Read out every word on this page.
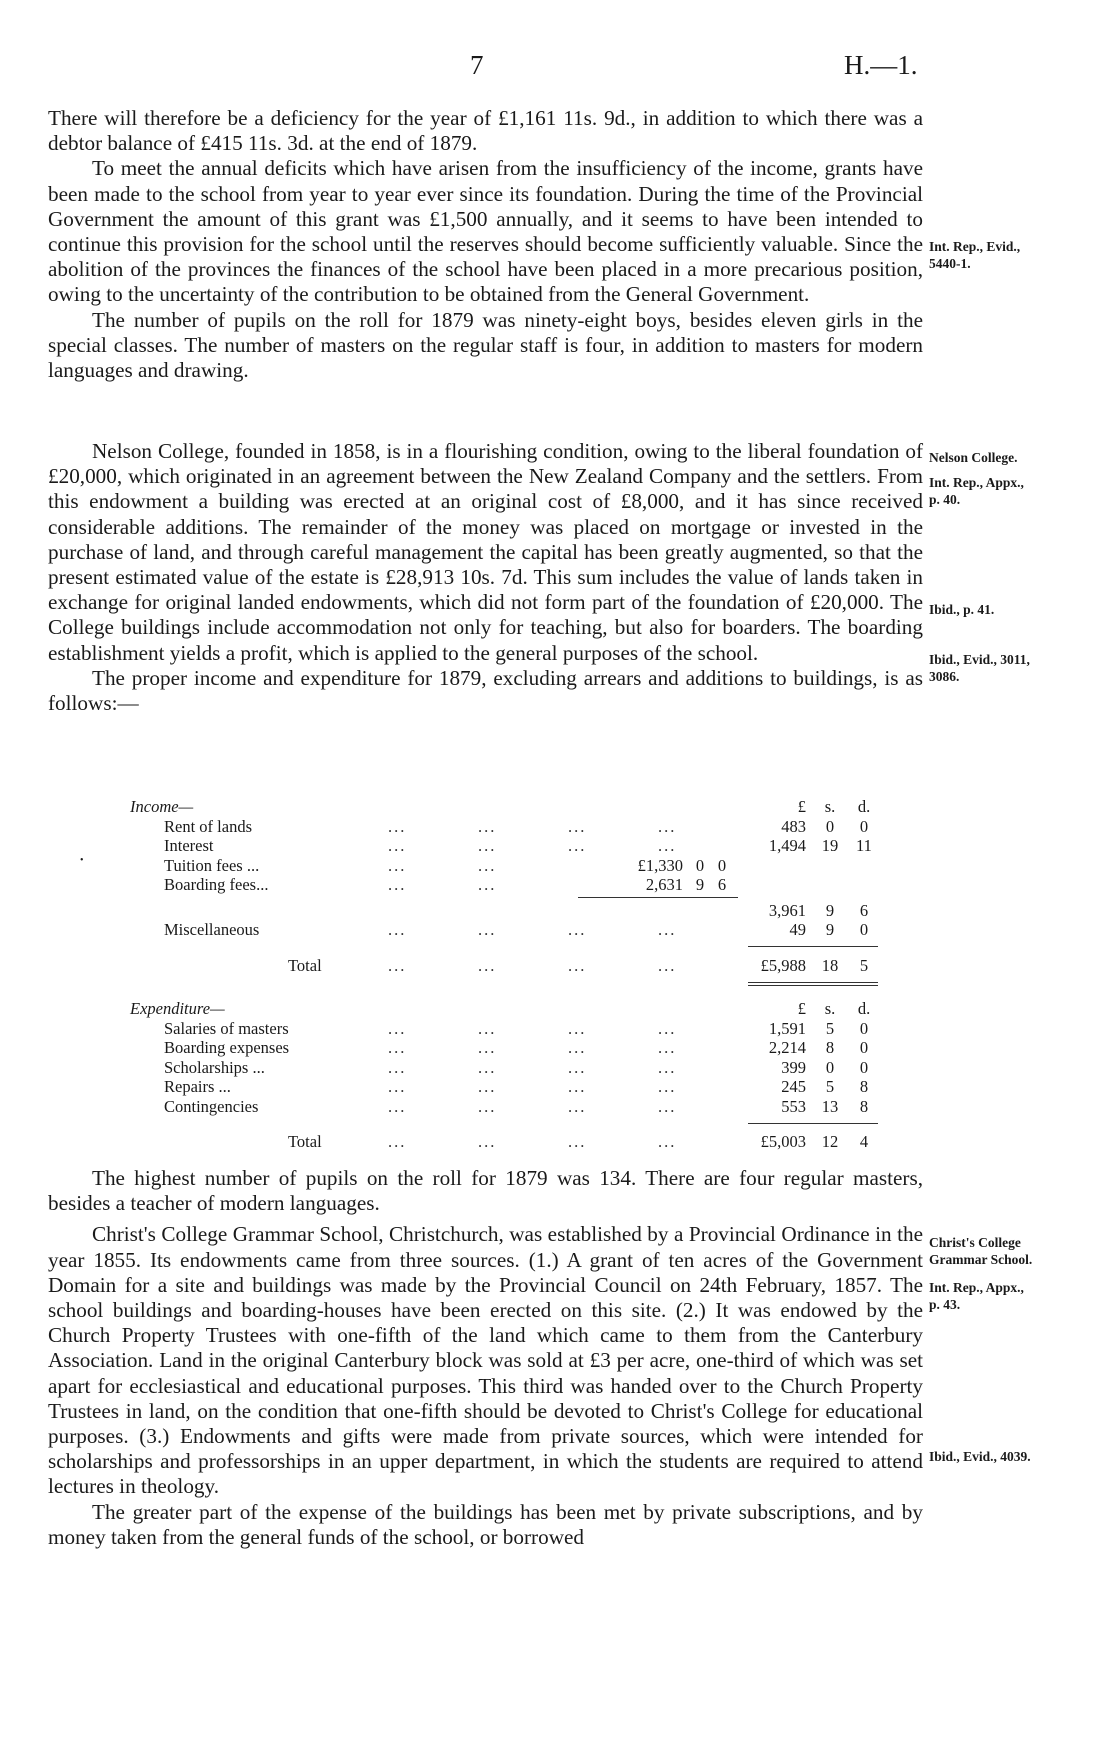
7	H.—1.

There will therefore be a deficiency for the year of £1,161 11s. 9d., in addition to which there was a debtor balance of £415 11s. 3d. at the end of 1879.

To meet the annual deficits which have arisen from the insufficiency of the income, grants have been made to the school from year to year ever since its foundation. During the time of the Provincial Government the amount of this grant was £1,500 annually, and it seems to have been intended to continue this provision for the school until the reserves should become sufficiently valuable. Since the abolition of the provinces the finances of the school have been placed in a more precarious position, owing to the uncertainty of the contribution to be obtained from the General Government.

The number of pupils on the roll for 1879 was ninety-eight boys, besides eleven girls in the special classes. The number of masters on the regular staff is four, in addition to masters for modern languages and drawing.

Nelson College, founded in 1858, is in a flourishing condition, owing to the liberal foundation of £20,000, which originated in an agreement between the New Zealand Company and the settlers. From this endowment a building was erected at an original cost of £8,000, and it has since received considerable additions. The remainder of the money was placed on mortgage or invested in the purchase of land, and through careful management the capital has been greatly augmented, so that the present estimated value of the estate is £28,913 10s. 7d. This sum includes the value of lands taken in exchange for original landed endowments, which did not form part of the foundation of £20,000. The College buildings include accommodation not only for teaching, but also for boarders. The boarding establishment yields a profit, which is applied to the general purposes of the school.

The proper income and expenditure for 1879, excluding arrears and additions to buildings, is as follows:—

Income—	£	s.	d.
Rent of lands	...	...	...	...	483	0	0
Interest	...	...	...	...	1,494 19 11
Tuition fees ...	...	...	£1,330 0 0
Boarding fees...	...	...	2,631 9 6
3,961	9	6
Miscellaneous	...	...	...	...	49	9	0
Total	...	...	...	...	£5,988 18	5
Expenditure—	£	s.	d.
Salaries of masters	...	...	...	...	1,591	5	0
Boarding expenses	...	...	...	...	2,214	8	0
Scholarships ...	...	...	...	...	399	0	0
Repairs ...	...	...	...	...	245	5	8
Contingencies	...	...	...	...	553 13	8
Total	...	...	...	...	£5,003 12	4

The highest number of pupils on the roll for 1879 was 134. There are four regular masters, besides a teacher of modern languages.

Christ's College Grammar School, Christchurch, was established by a Provincial Ordinance in the year 1855. Its endowments came from three sources. (1.) A grant of ten acres of the Government Domain for a site and buildings was made by the Provincial Council on 24th February, 1857. The school buildings and boarding-houses have been erected on this site. (2.) It was endowed by the Church Property Trustees with one-fifth of the land which came to them from the Canterbury Association. Land in the original Canterbury block was sold at £3 per acre, one-third of which was set apart for ecclesiastical and educational purposes. This third was handed over to the Church Property Trustees in land, on the condition that one-fifth should be devoted to Christ's College for educational purposes. (3.) Endowments and gifts were made from private sources, which were intended for scholarships and professorships in an upper department, in which the students are required to attend lectures in theology.

The greater part of the expense of the buildings has been met by private subscriptions, and by money taken from the general funds of the school, or borrowed

Int. Rep., Evid.,
5440-1.
Nelson College.
Int. Rep., Appx.,
p. 40.
Ibid., p. 41.
Ibid., Evid., 3011,
3086.
Christ's College
Grammar School.
Int. Rep., Appx.,
p. 43.
Ibid., Evid., 4039.
•
